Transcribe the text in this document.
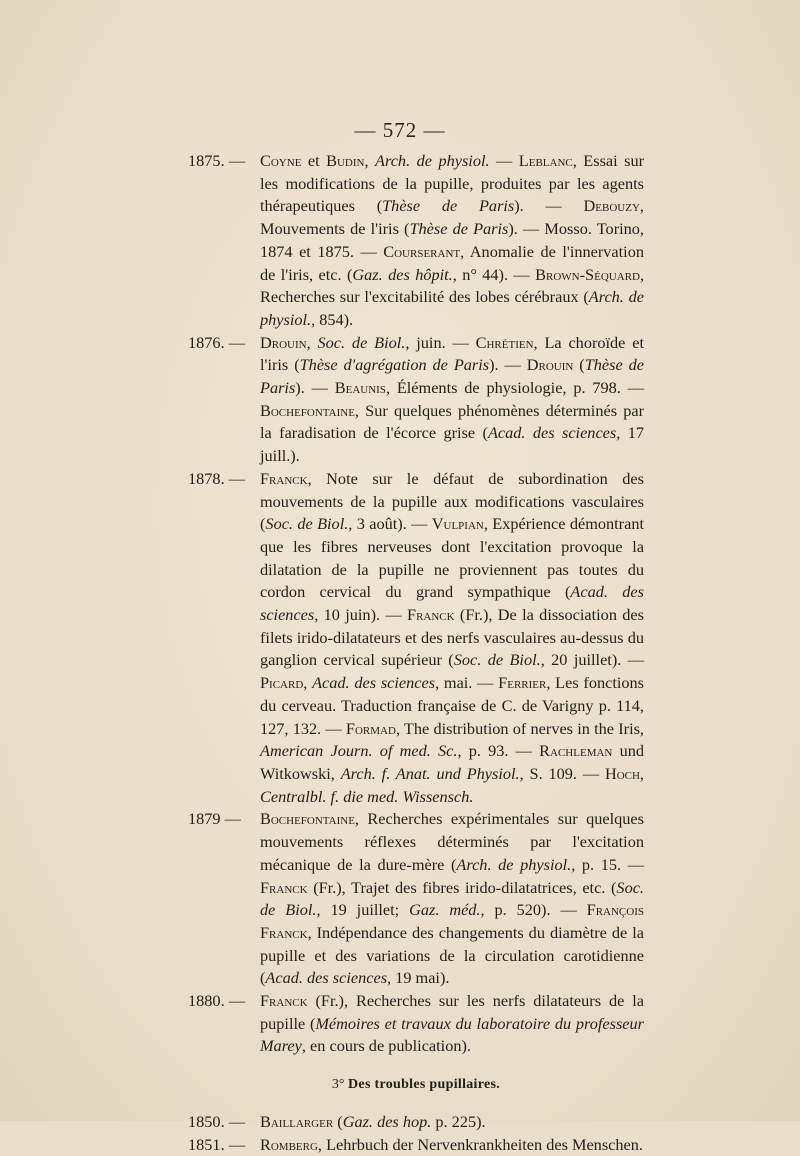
— 572 —
1875. — Coyne et Budin, Arch. de physiol. — Leblanc, Essai sur les modifications de la pupille, produites par les agents thérapeutiques (Thèse de Paris). — Debouzy, Mouvements de l'iris (Thèse de Paris). — Mosso. Torino, 1874 et 1875. — Courserant, Anomalie de l'innervation de l'iris, etc. (Gaz. des hôpit., n° 44). — Brown-Séquard, Recherches sur l'excitabilité des lobes cérébraux (Arch. de physiol., 854).
1876. — Drouin, Soc. de Biol., juin. — Chrétien, La choroïde et l'iris (Thèse d'agrégation de Paris). — Drouin (Thèse de Paris). — Beaunis, Éléments de physiologie, p. 798. — Bochefontaine, Sur quelques phénomènes déterminés par la faradisation de l'écorce grise (Acad. des sciences, 17 juill.).
1878. — Franck, Note sur le défaut de subordination des mouvements de la pupille aux modifications vasculaires (Soc. de Biol., 3 août). — Vulpian, Expérience démontrant que les fibres nerveuses dont l'excitation provoque la dilatation de la pupille ne proviennent pas toutes du cordon cervical du grand sympathique (Acad. des sciences, 10 juin). — Franck (Fr.), De la dissociation des filets irido-dilatateurs et des nerfs vasculaires au-dessus du ganglion cervical supérieur (Soc. de Biol., 20 juillet). — Picard, Acad. des sciences, mai. — Ferrier, Les fonctions du cerveau. Traduction française de C. de Varigny p. 114, 127, 132. — Formad, The distribution of nerves in the Iris, American Journ. of med. Sc., p. 93. — Rachleman und Witkowski, Arch. f. Anat. und Physiol., S. 109. — Hoch, Centralbl. f. die med. Wissensch.
1879 —	Bochefontaine, Recherches expérimentales sur quelques mouvements réflexes déterminés par l'excitation mécanique de la dure-mère (Arch. de physiol., p. 15. — Franck (Fr.), Trajet des fibres irido-dilatatrices, etc. (Soc. de Biol., 19 juillet; Gaz. méd., p. 520). — François Franck, Indépendance des changements du diamètre de la pupille et des variations de la circulation carotidienne (Acad. des sciences, 19 mai).
1880. — Franck (Fr.), Recherches sur les nerfs dilatateurs de la pupille (Mémoires et travaux du laboratoire du professeur Marey, en cours de publication).
3° Des troubles pupillaires.
1850. — Baillarger (Gaz. des hop. p. 225).
1851. — Romberg, Lehrbuch der Nervenkrankheiten des Menschen.
